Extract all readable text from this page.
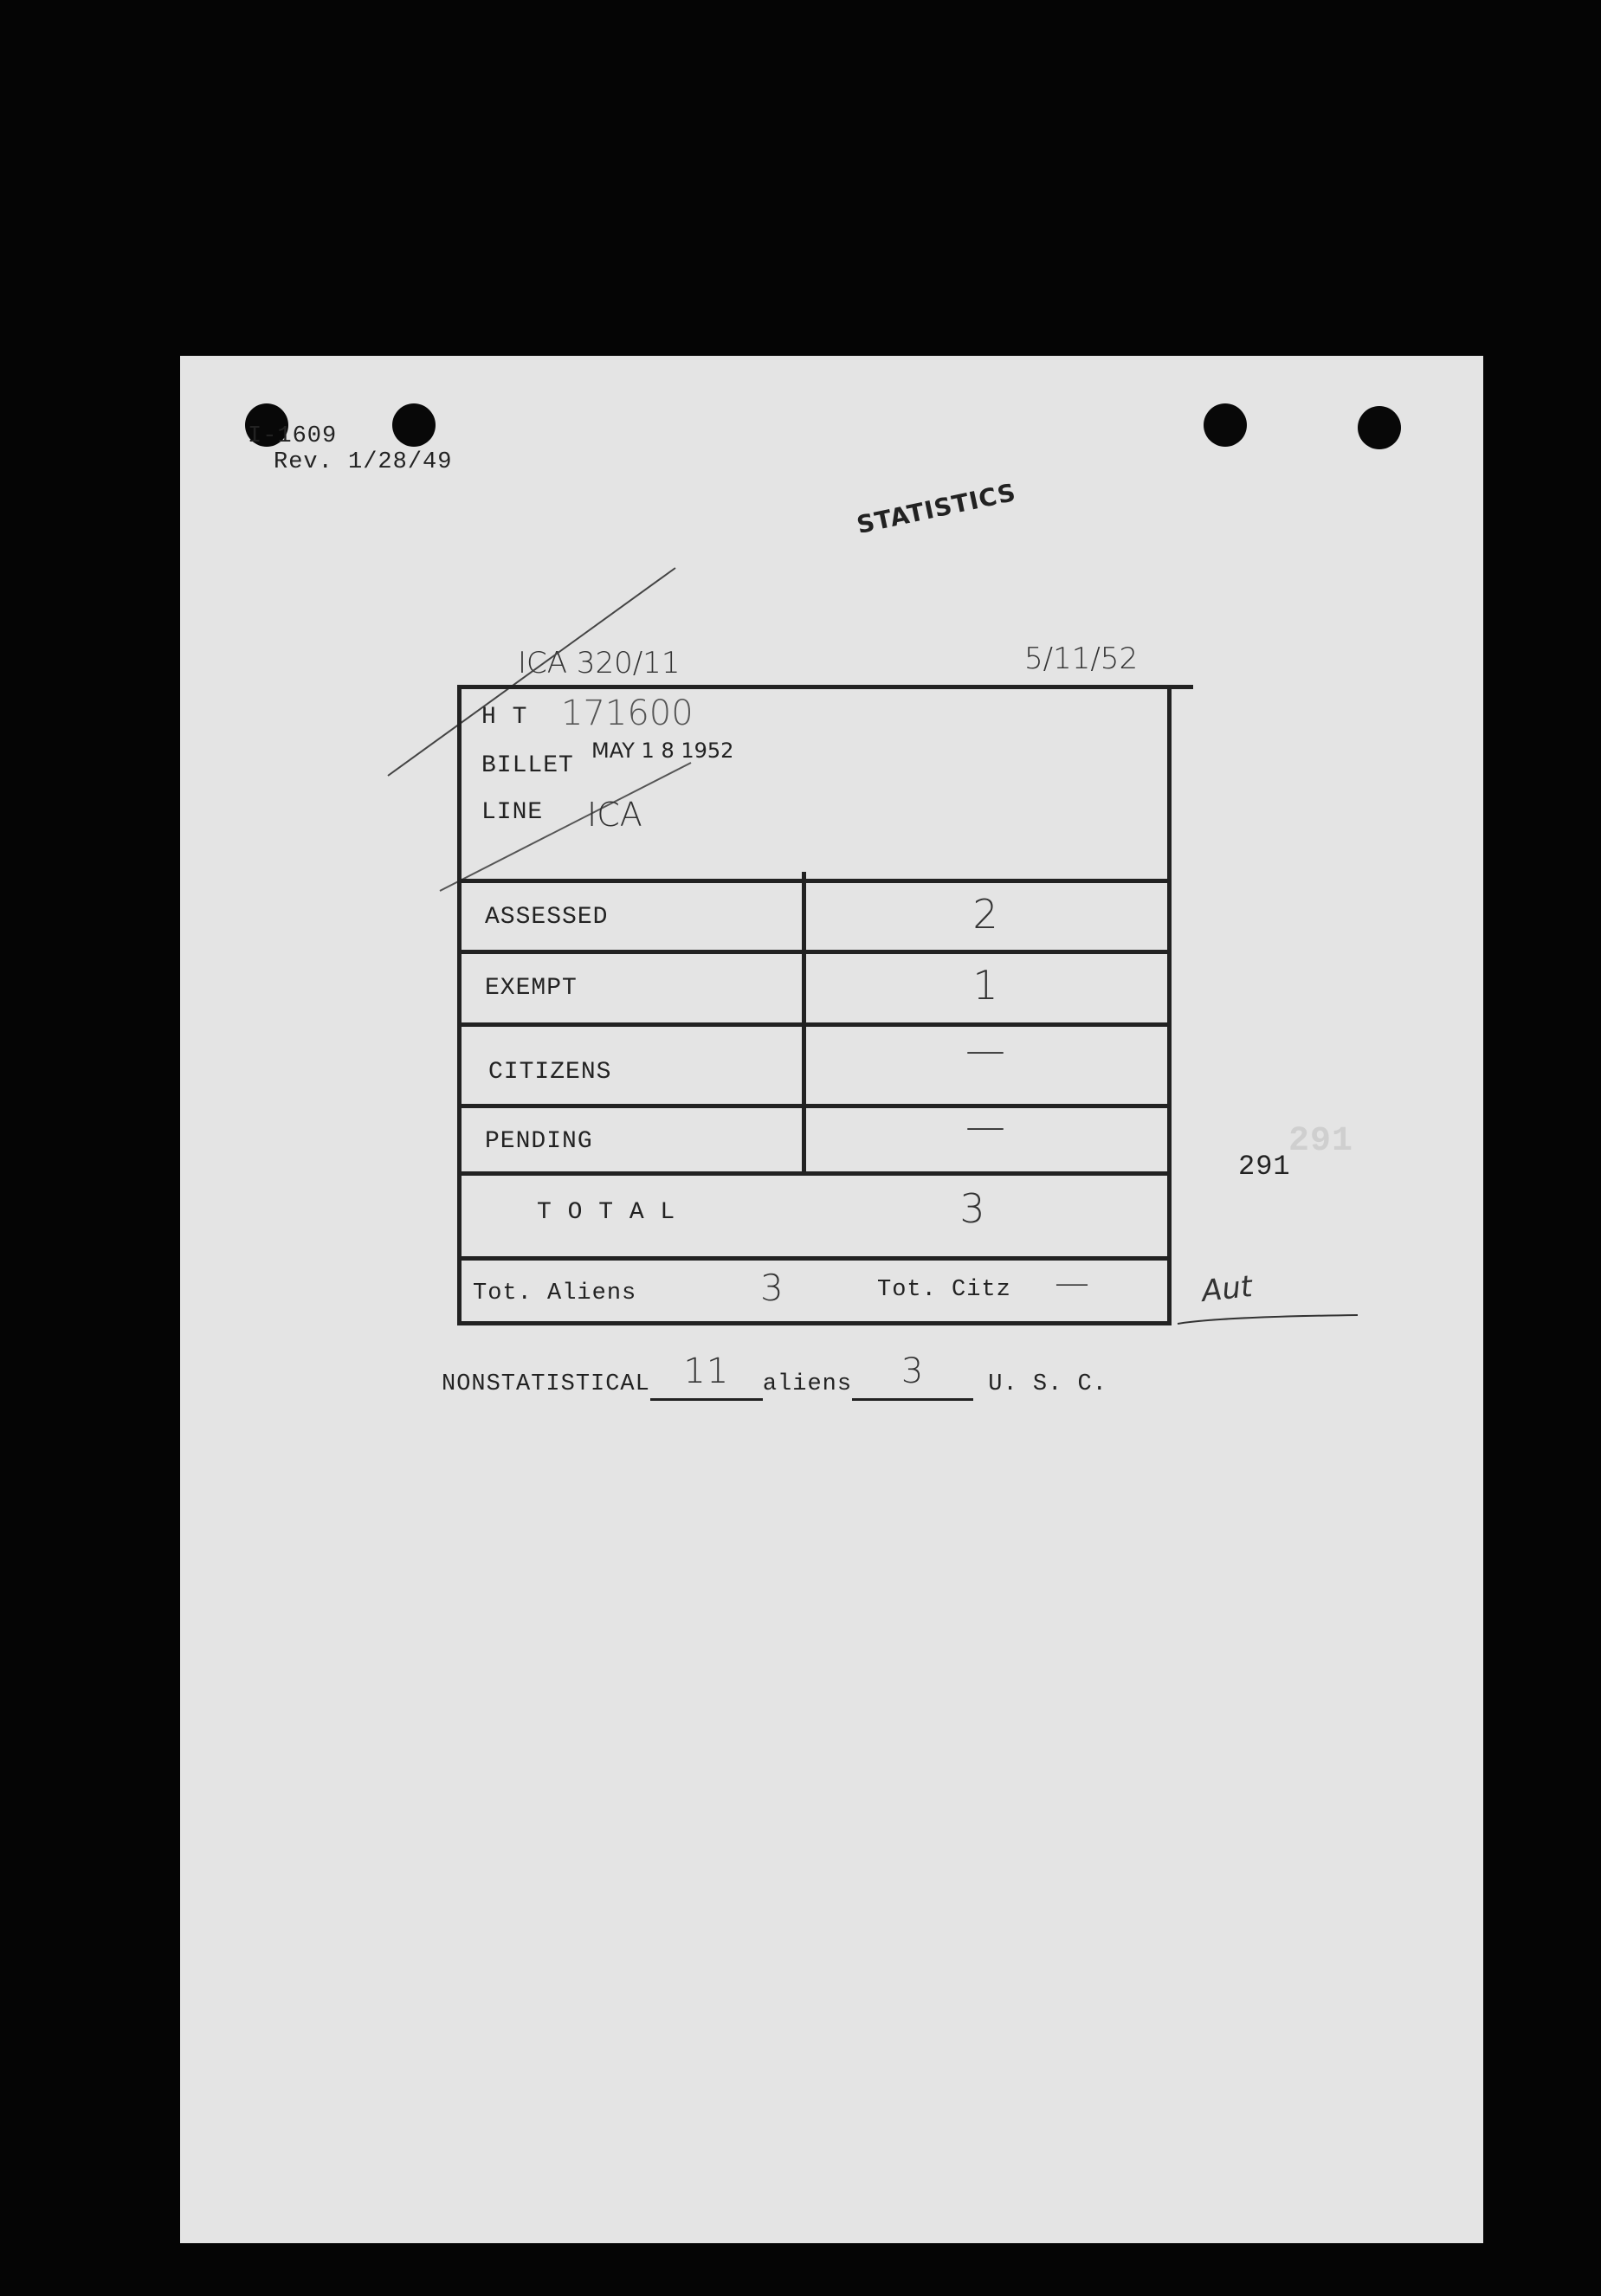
I-1609
Rev. 1/28/49
STATISTICS
ICA 320/11	5/11/52
H T 171600
BILLET
MAY 1 8 1952
LINE ICA
ASSESSED	2
EXEMPT	1
CITIZENS	—
PENDING	—
T O T A L	3
Tot. Aliens	3	Tot. Citz —	Aut
291
291
NONSTATISTICAL 11 aliens 3	U. S. C.
